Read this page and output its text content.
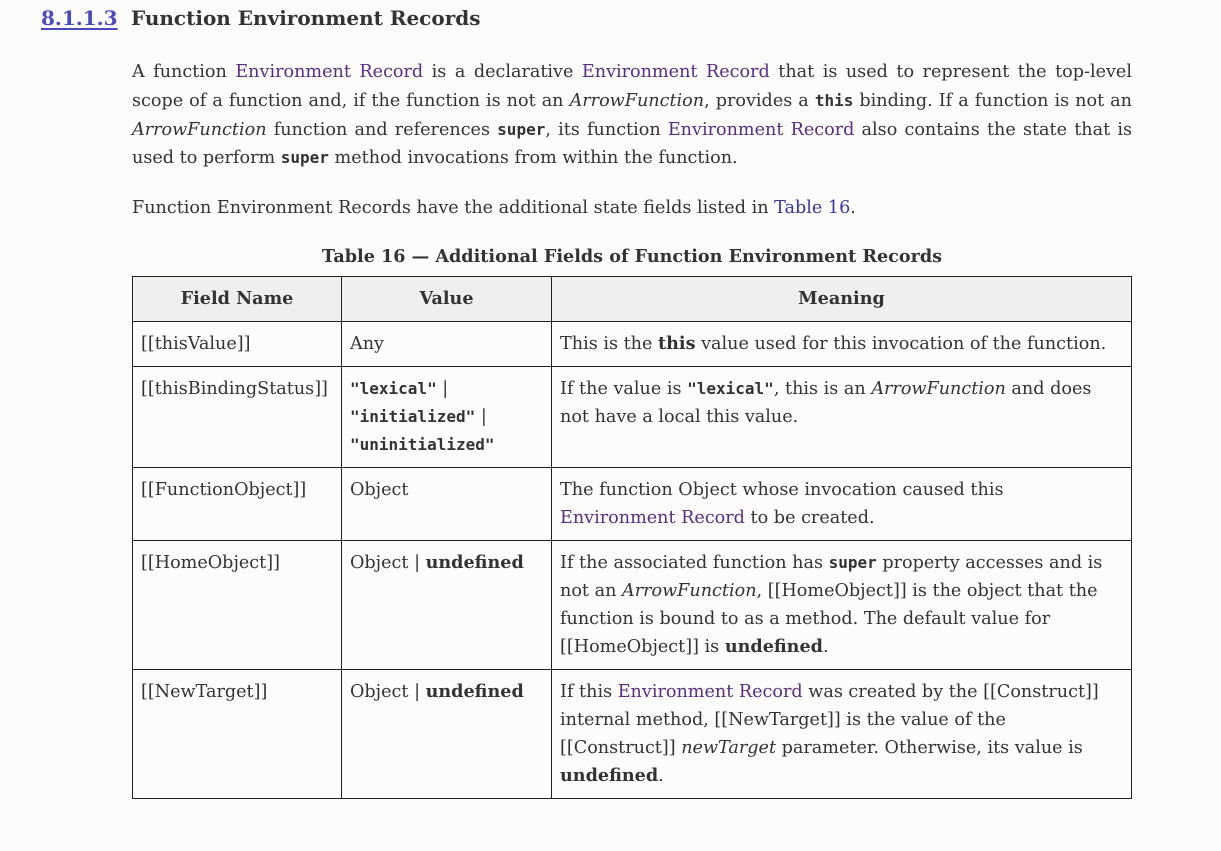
8.1.1.3 Function Environment Records

A function Environment Record is a declarative Environment Record that is used to represent the top-level scope of a function and, if the function is not an ArrowFunction, provides a this binding. If a function is not an ArrowFunction function and references super, its function Environment Record also contains the state that is used to perform super method invocations from within the function.

Function Environment Records have the additional state fields listed in Table 16.

Table 16 — Additional Fields of Function Environment Records
Field Name	Value	Meaning
[[thisValue]]	Any	This is the this value used for this invocation of the function.
[[thisBindingStatus]]	"lexical" |
"initialized" |
"uninitialized"	If the value is "lexical", this is an ArrowFunction and does not have a local this value.
[[FunctionObject]]	Object	The function Object whose invocation caused this Environment Record to be created.
[[HomeObject]]	Object | undefined	If the associated function has super property accesses and is not an ArrowFunction, [[HomeObject]] is the object that the function is bound to as a method. The default value for [[HomeObject]] is undefined.
[[NewTarget]]	Object | undefined	If this Environment Record was created by the [[Construct]] internal method, [[NewTarget]] is the value of the [[Construct]] newTarget parameter. Otherwise, its value is undefined.
